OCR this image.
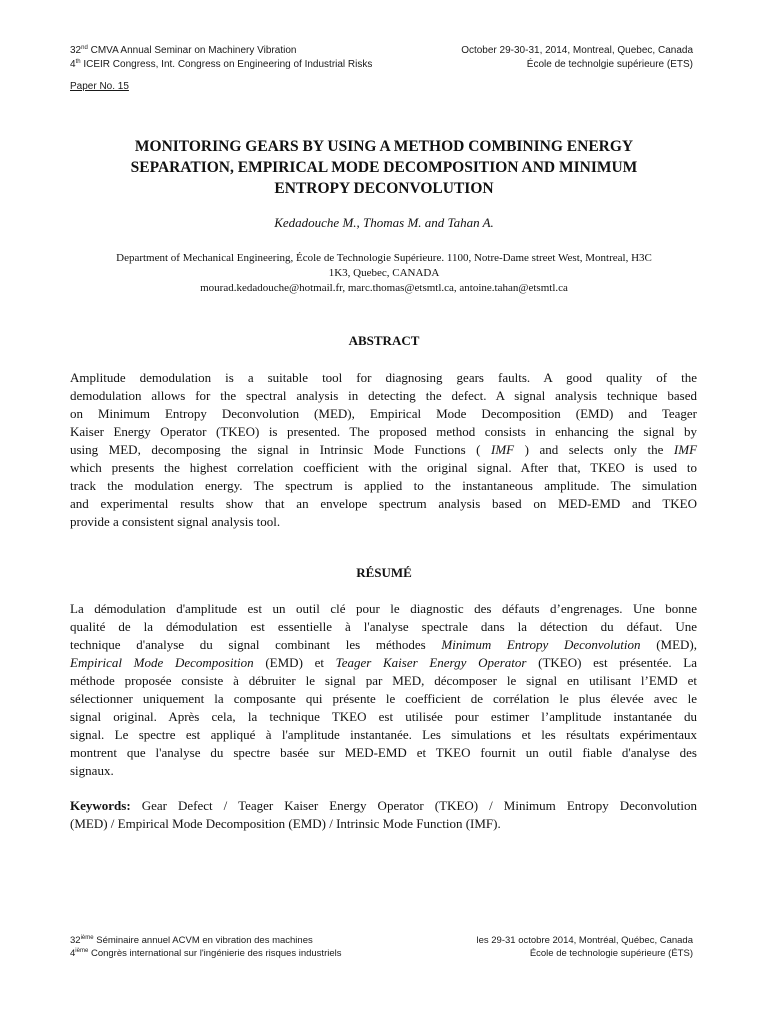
32nd CMVA Annual Seminar on Machinery Vibration
4th ICEIR Congress, Int. Congress on Engineering of Industrial Risks
October 29-30-31, 2014, Montreal, Quebec, Canada
École de technolgie supérieure (ETS)
Paper No. 15
MONITORING GEARS BY USING A METHOD COMBINING ENERGY
SEPARATION, EMPIRICAL MODE DECOMPOSITION AND MINIMUM
ENTROPY DECONVOLUTION
Kedadouche M., Thomas M. and Tahan A.
Department of Mechanical Engineering, École de Technologie Supérieure. 1100, Notre-Dame street West, Montreal, H3C
1K3, Quebec, CANADA
mourad.kedadouche@hotmail.fr, marc.thomas@etsmtl.ca, antoine.tahan@etsmtl.ca
ABSTRACT
Amplitude demodulation is a suitable tool for diagnosing gears faults. A good quality of the
demodulation allows for the spectral analysis in detecting the defect. A signal analysis technique based
on Minimum Entropy Deconvolution (MED), Empirical Mode Decomposition (EMD) and Teager
Kaiser Energy Operator (TKEO) is presented. The proposed method consists in enhancing the signal by
using MED, decomposing the signal in Intrinsic Mode Functions ( IMF ) and selects only the IMF
which presents the highest correlation coefficient with the original signal. After that, TKEO is used to
track the modulation energy. The spectrum is applied to the instantaneous amplitude. The simulation
and experimental results show that an envelope spectrum analysis based on MED-EMD and TKEO
provide a consistent signal analysis tool.
RÉSUMÉ
La démodulation d'amplitude est un outil clé pour le diagnostic des défauts d’engrenages. Une bonne
qualité de la démodulation est essentielle à l'analyse spectrale dans la détection du défaut. Une
technique d'analyse du signal combinant les méthodes Minimum Entropy Deconvolution (MED),
Empirical Mode Decomposition (EMD) et Teager Kaiser Energy Operator (TKEO) est présentée. La
méthode proposée consiste à débruiter le signal par MED, décomposer le signal en utilisant l’EMD et
sélectionner uniquement la composante qui présente le coefficient de corrélation le plus élevée avec le
signal original. Après cela, la technique TKEO est utilisée pour estimer l’amplitude instantanée du
signal. Le spectre est appliqué à l'amplitude instantanée. Les simulations et les résultats expérimentaux
montrent que l'analyse du spectre basée sur MED-EMD et TKEO fournit un outil fiable d'analyse des
signaux.
Keywords: Gear Defect / Teager Kaiser Energy Operator (TKEO) / Minimum Entropy Deconvolution
(MED) / Empirical Mode Decomposition (EMD) / Intrinsic Mode Function (IMF).
32ième Séminaire annuel ACVM en vibration des machines
4ième Congrès international sur l'ingénierie des risques industriels
les 29-31 octobre 2014, Montréal, Québec, Canada
École de technologie supérieure (ÉTS)
